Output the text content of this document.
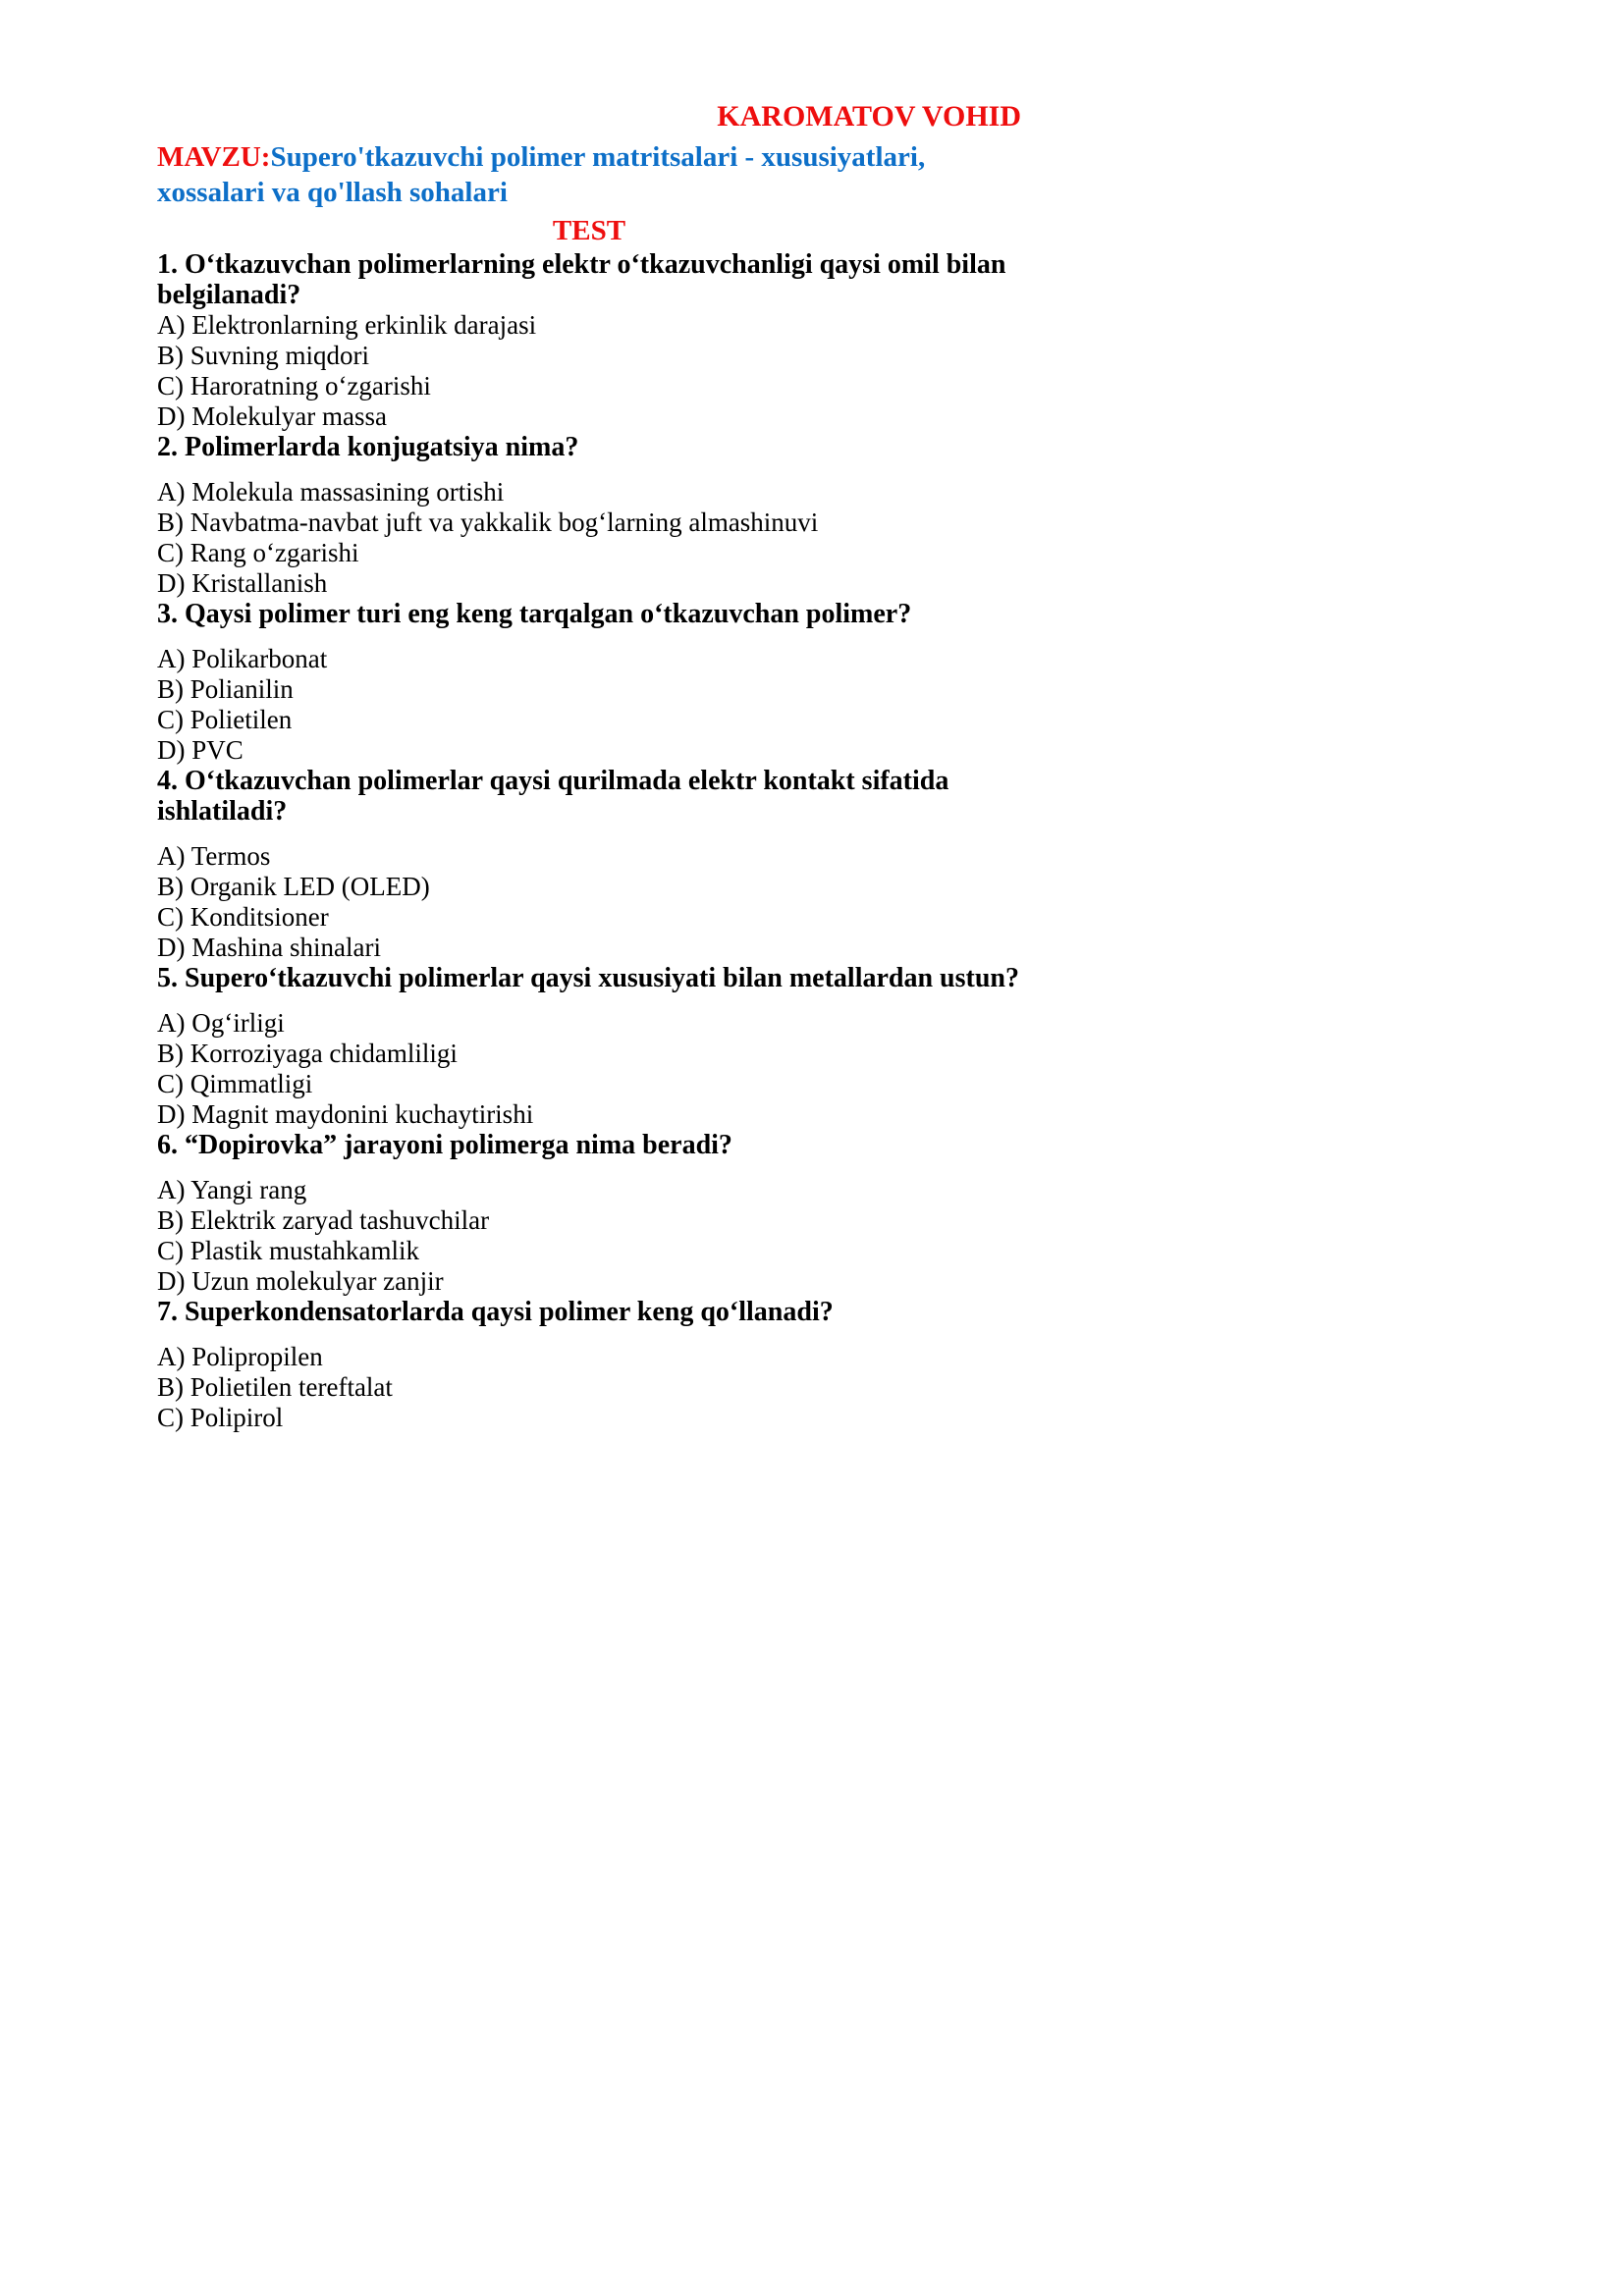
KAROMATOV VOHID
MAVZU:Supero'tkazuvchi polimer matritsalari - xususiyatlari, xossalari va qo'llash sohalari
TEST
1. O‘tkazuvchan polimerlarning elektr o‘tkazuvchanligi qaysi omil bilan belgilanadi?
A) Elektronlarning erkinlik darajasi
B) Suvning miqdori
C) Haroratning o‘zgarishi
D) Molekulyar massa
2. Polimerlarda konjugatsiya nima?
A) Molekula massasining ortishi
B) Navbatma-navbat juft va yakkalik bog‘larning almashinuvi
C) Rang o‘zgarishi
D) Kristallanish
3. Qaysi polimer turi eng keng tarqalgan o‘tkazuvchan polimer?
A) Polikarbonat
B) Polianilin
C) Polietilen
D) PVC
4. O‘tkazuvchan polimerlar qaysi qurilmada elektr kontakt sifatida ishlatiladi?
A) Termos
B) Organik LED (OLED)
C) Konditsioner
D) Mashina shinalari
5. Supero‘tkazuvchi polimerlar qaysi xususiyati bilan metallardan ustun?
A) Og‘irligi
B) Korroziyaga chidamliligi
C) Qimmatligi
D) Magnit maydonini kuchaytirishi
6. “Dopirovka” jarayoni polimerga nima beradi?
A) Yangi rang
B) Elektrik zaryad tashuvchilar
C) Plastik mustahkamlik
D) Uzun molekulyar zanjir
7. Superkondensatorlarda qaysi polimer keng qo‘llanadi?
A) Polipropilen
B) Polietilen tereftalat
C) Polipirol
